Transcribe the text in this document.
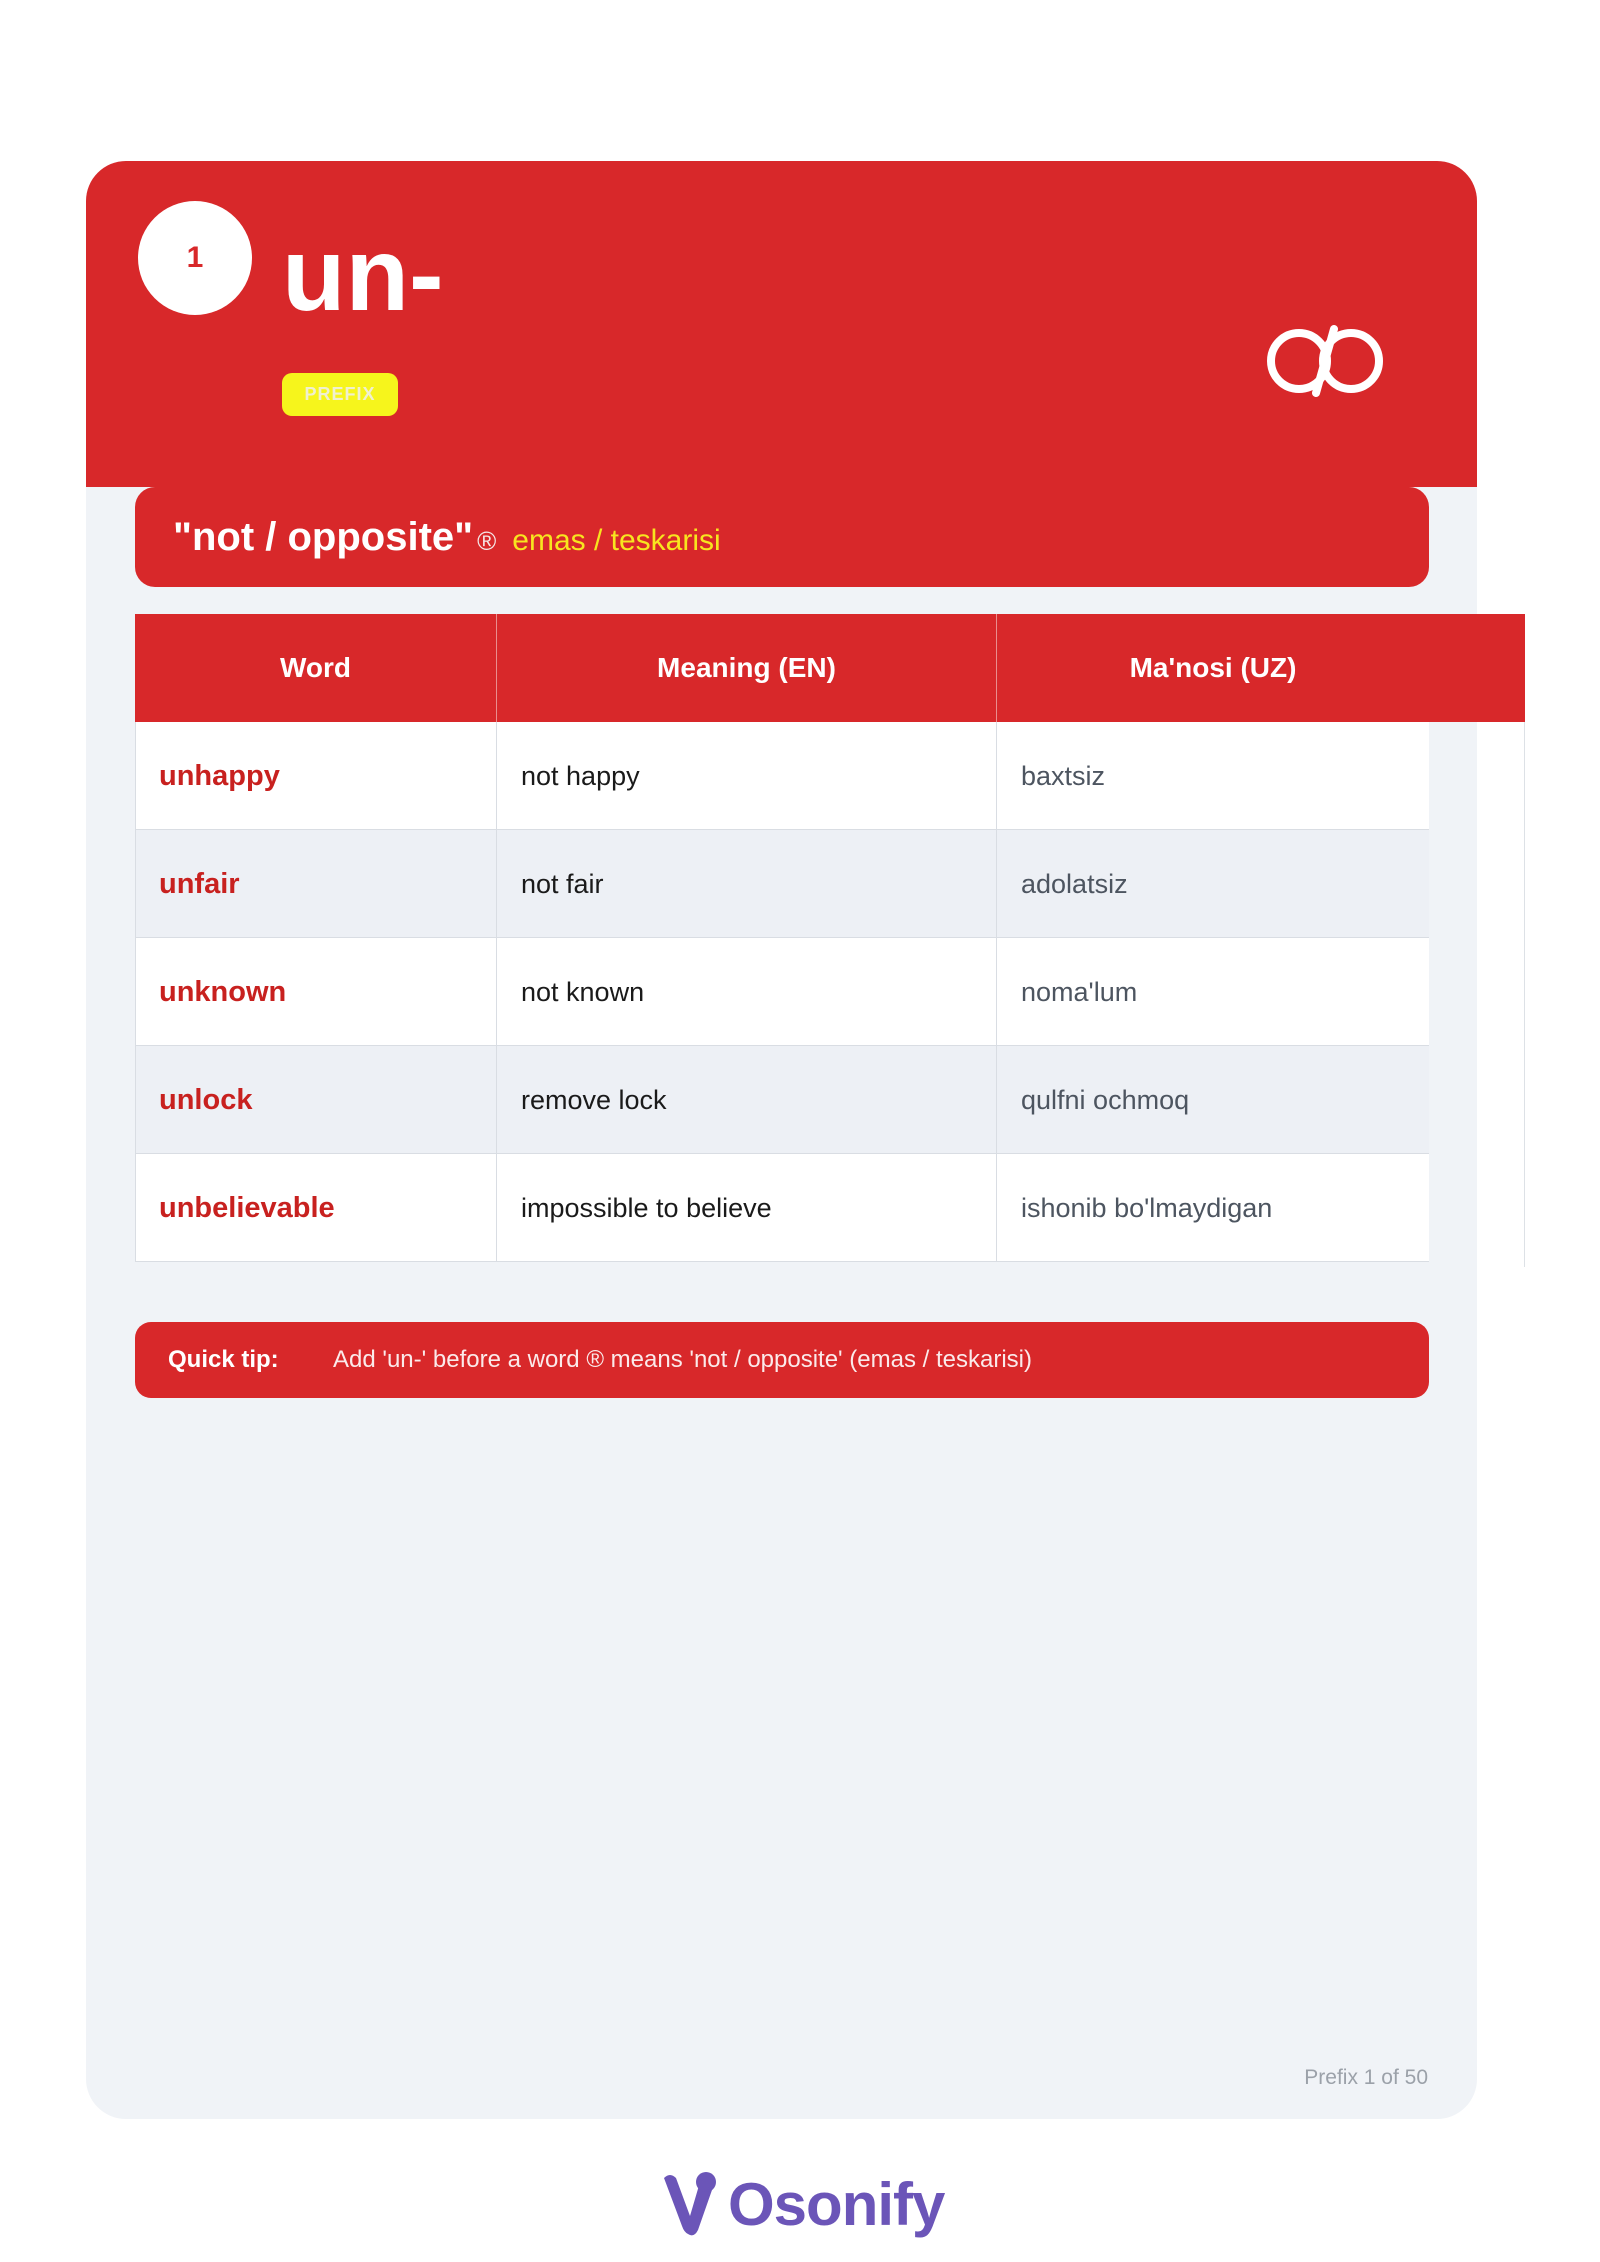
1 un-
PREFIX
"not / opposite" ® emas / teskarisi
Word	Meaning (EN)	Ma'nosi (UZ)
unhappy	not happy	baxtsiz
unfair	not fair	adolatsiz
unknown	not known	noma'lum
unlock	remove lock	qulfni ochmoq
unbelievable	impossible to believe	ishonib bo'lmaydigan
Quick tip:	Add 'un-' before a word ® means 'not / opposite' (emas / teskarisi)
Prefix 1 of 50
Osonify
